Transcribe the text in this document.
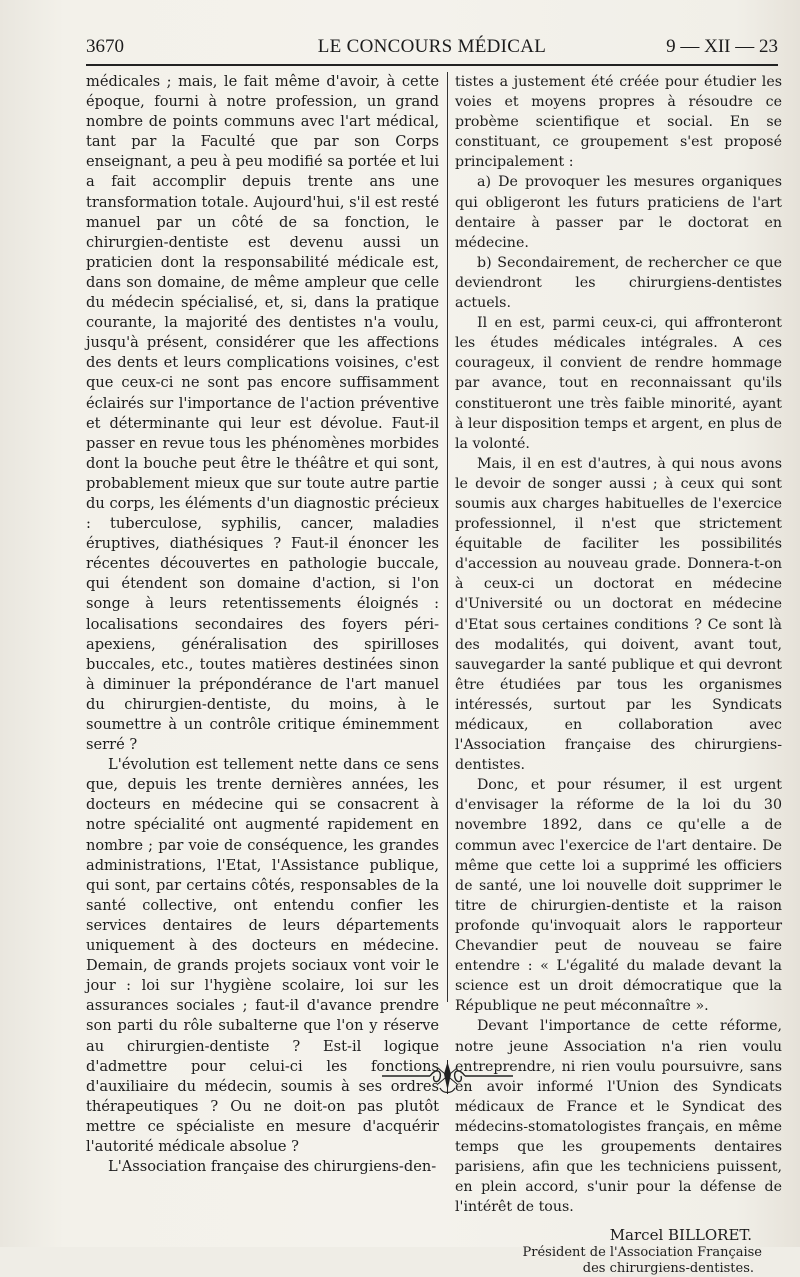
3670	LE CONCOURS MÉDICAL	9 — XII — 23

médicales ; mais, le fait même d'avoir, à cette époque, fourni à notre profession, un grand nombre de points communs avec l'art médical, tant par la Faculté que par son Corps enseignant, a peu à peu modifié sa portée et lui a fait accomplir depuis trente ans une transformation totale. Aujourd'hui, s'il est resté manuel par un côté de sa fonction, le chirurgien-dentiste est devenu aussi un praticien dont la responsabilité médicale est, dans son domaine, de même ampleur que celle du médecin spécialisé, et, si, dans la pratique courante, la majorité des dentistes n'a voulu, jusqu'à présent, considérer que les affections des dents et leurs complications voisines, c'est que ceux-ci ne sont pas encore suffisamment éclairés sur l'importance de l'action préventive et déterminante qui leur est dévolue. Faut-il passer en revue tous les phénomènes morbides dont la bouche peut être le théâtre et qui sont, probablement mieux que sur toute autre partie du corps, les éléments d'un diagnostic précieux : tuberculose, syphilis, cancer, maladies éruptives, diathésiques ? Faut-il énoncer les récentes découvertes en pathologie buccale, qui étendent son domaine d'action, si l'on songe à leurs retentissements éloignés : localisations secondaires des foyers péri-apexiens, généralisation des spirilloses buccales, etc., toutes matières destinées sinon à diminuer la prépondérance de l'art manuel du chirurgien-dentiste, du moins, à le soumettre à un contrôle critique éminemment serré ?

L'évolution est tellement nette dans ce sens que, depuis les trente dernières années, les docteurs en médecine qui se consacrent à notre spécialité ont augmenté rapidement en nombre ; par voie de conséquence, les grandes administrations, l'Etat, l'Assistance publique, qui sont, par certains côtés, responsables de la santé collective, ont entendu confier les services dentaires de leurs départements uniquement à des docteurs en médecine. Demain, de grands projets sociaux vont voir le jour : loi sur l'hygiène scolaire, loi sur les assurances sociales ; faut-il d'avance prendre son parti du rôle subalterne que l'on y réserve au chirurgien-dentiste ? Est-il logique d'admettre pour celui-ci les fonctions d'auxiliaire du médecin, soumis à ses ordres thérapeutiques ? Ou ne doit-on pas plutôt mettre ce spécialiste en mesure d'acquérir l'autorité médicale absolue ?

L'Association française des chirurgiens-den-

tistes a justement été créée pour étudier les voies et moyens propres à résoudre ce probème scientifique et social. En se constituant, ce groupement s'est proposé principalement :

a) De provoquer les mesures organiques qui obligeront les futurs praticiens de l'art dentaire à passer par le doctorat en médecine.

b) Secondairement, de rechercher ce que deviendront les chirurgiens-dentistes actuels.

Il en est, parmi ceux-ci, qui affronteront les études médicales intégrales. A ces courageux, il convient de rendre hommage par avance, tout en reconnaissant qu'ils constitueront une très faible minorité, ayant à leur disposition temps et argent, en plus de la volonté.

Mais, il en est d'autres, à qui nous avons le devoir de songer aussi ; à ceux qui sont soumis aux charges habituelles de l'exercice professionnel, il n'est que strictement équitable de faciliter les possibilités d'accession au nouveau grade. Donnera-t-on à ceux-ci un doctorat en médecine d'Université ou un doctorat en médecine d'Etat sous certaines conditions ? Ce sont là des modalités, qui doivent, avant tout, sauvegarder la santé publique et qui devront être étudiées par tous les organismes intéressés, surtout par les Syndicats médicaux, en collaboration avec l'Association française des chirurgiens-dentistes.

Donc, et pour résumer, il est urgent d'envisager la réforme de la loi du 30 novembre 1892, dans ce qu'elle a de commun avec l'exercice de l'art dentaire. De même que cette loi a supprimé les officiers de santé, une loi nouvelle doit supprimer le titre de chirurgien-dentiste et la raison profonde qu'invoquait alors le rapporteur Chevandier peut de nouveau se faire entendre : « L'égalité du malade devant la science est un droit démocratique que la République ne peut méconnaître ».

Devant l'importance de cette réforme, notre jeune Association n'a rien voulu entreprendre, ni rien voulu poursuivre, sans en avoir informé l'Union des Syndicats médicaux de France et le Syndicat des médecins-stomatologistes français, en même temps que les groupements dentaires parisiens, afin que les techniciens puissent, en plein accord, s'unir pour la défense de l'intérêt de tous.

Marcel BILLORET.
Président de l'Association Française
des chirurgiens-dentistes.
